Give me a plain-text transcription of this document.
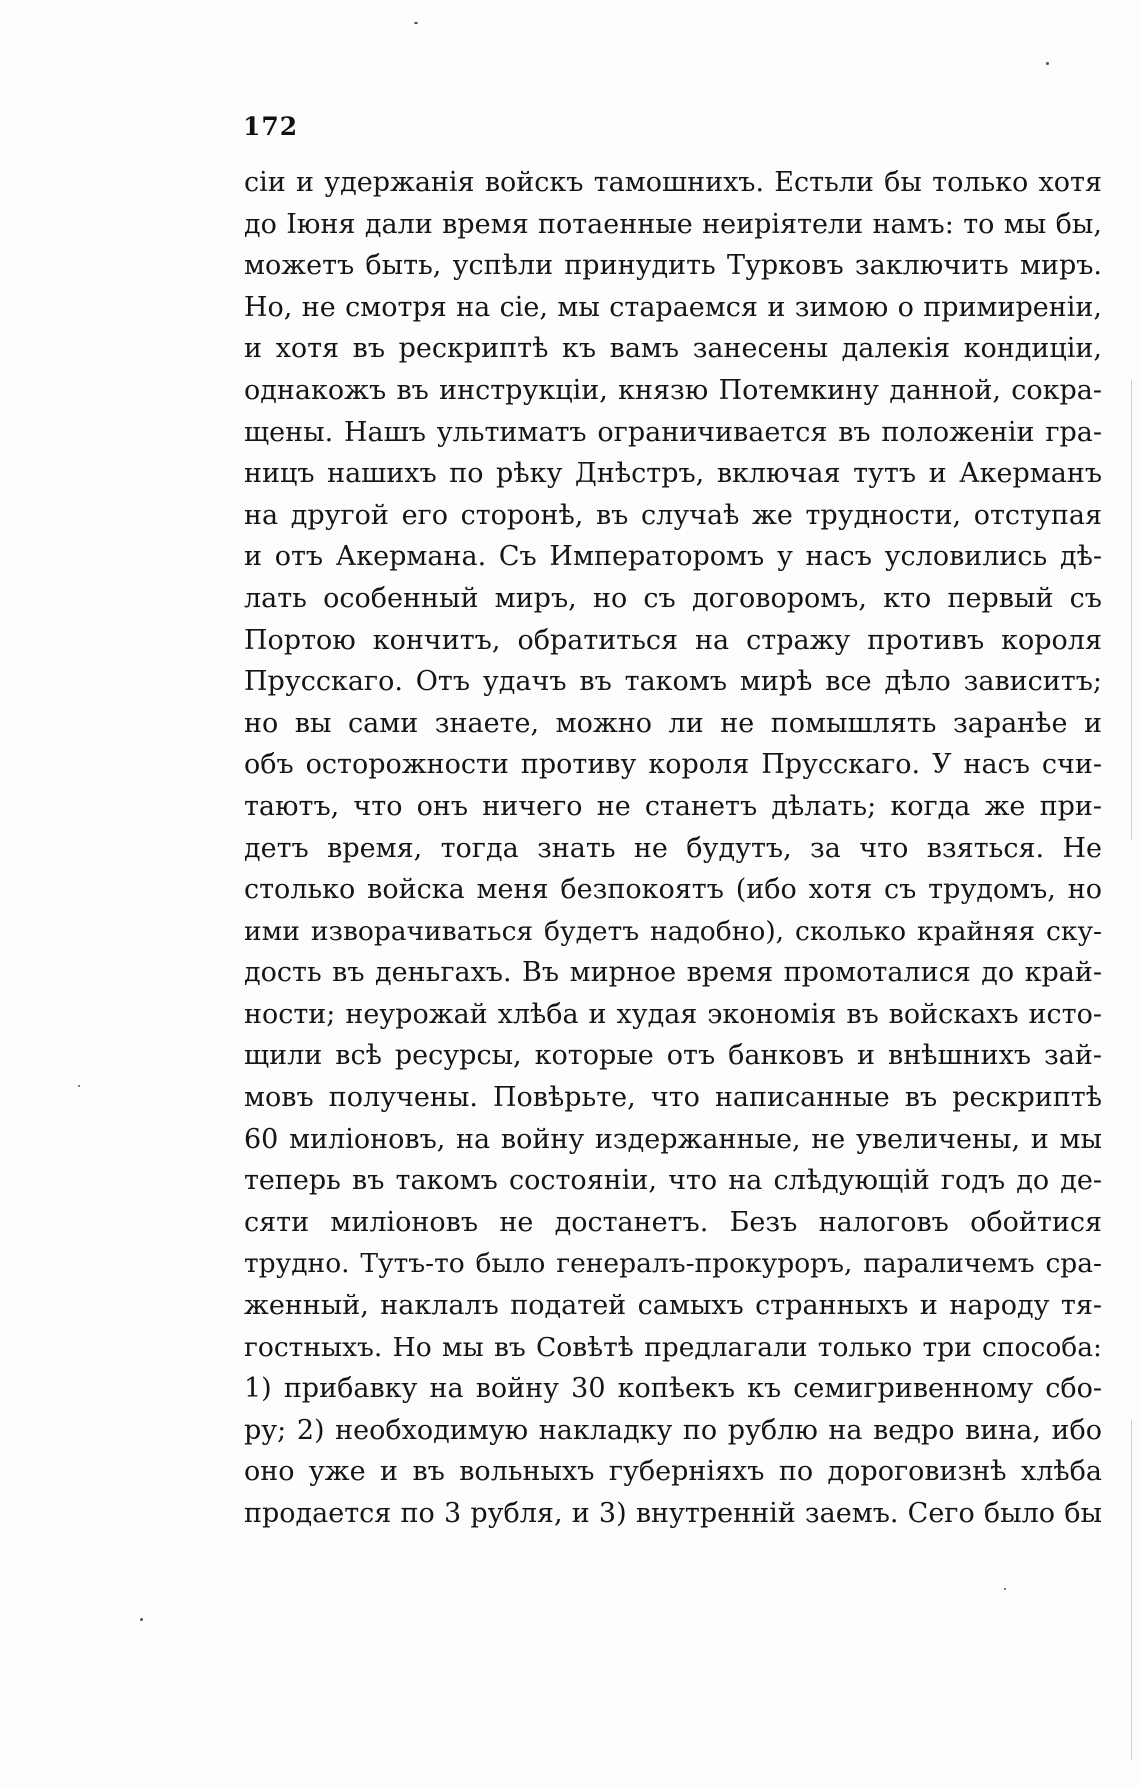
172
сіи и удержанія войскъ тамошнихъ. Естьли бы только хотя
до Іюня дали время потаенные неиріятели намъ: то мы бы,
можетъ быть, успѣли принудить Турковъ заключить миръ.
Но, не смотря на сіе, мы стараемся и зимою о примиреніи,
и хотя въ рескриптѣ къ вамъ занесены далекія кондиціи,
однакожъ въ инструкціи, князю Потемкину данной, сокра-
щены. Нашъ ультиматъ ограничивается въ положеніи гра-
ницъ нашихъ по рѣку Днѣстръ, включая тутъ и Акерманъ
на другой его сторонѣ, въ случаѣ же трудности, отступая
и отъ Акермана. Съ Императоромъ у насъ условились дѣ-
лать особенный миръ, но съ договоромъ, кто первый съ
Портою кончитъ, обратиться на стражу противъ короля
Прусскаго. Отъ удачъ въ такомъ мирѣ все дѣло зависитъ;
но вы сами знаете, можно ли не помышлять заранѣе и
объ осторожности противу короля Прусскаго. У насъ счи-
таютъ, что онъ ничего не станетъ дѣлать; когда же при-
детъ время, тогда знать не будутъ, за что взяться. Не
столько войска меня безпокоятъ (ибо хотя съ трудомъ, но
ими изворачиваться будетъ надобно), сколько крайняя ску-
дость въ деньгахъ. Въ мирное время промоталися до край-
ности; неурожай хлѣба и худая экономія въ войскахъ исто-
щили всѣ ресурсы, которые отъ банковъ и внѣшнихъ зай-
мовъ получены. Повѣрьте, что написанные въ рескриптѣ
60 миліоновъ, на войну издержанные, не увеличены, и мы
теперь въ такомъ состояніи, что на слѣдующій годъ до де-
сяти миліоновъ не достанетъ. Безъ налоговъ обойтися
трудно. Тутъ-то было генералъ-прокуроръ, параличемъ сра-
женный, наклалъ податей самыхъ странныхъ и народу тя-
гостныхъ. Но мы въ Совѣтѣ предлагали только три способа:
1) прибавку на войну 30 копѣекъ къ семигривенному сбо-
ру; 2) необходимую накладку по рублю на ведро вина, ибо
оно уже и въ вольныхъ губерніяхъ по дороговизнѣ хлѣба
продается по 3 рубля, и 3) внутренній заемъ. Сего было бы
